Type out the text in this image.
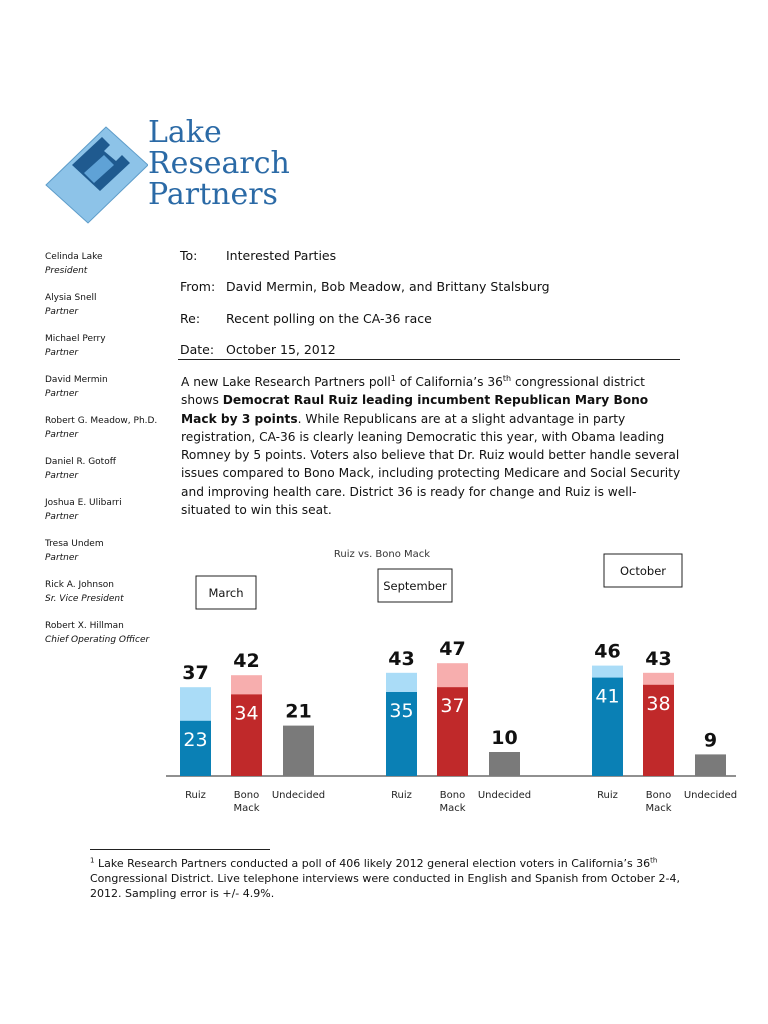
Lake
Research
Partners
Celinda Lake
President
Alysia Snell
Partner
Michael Perry
Partner
David Mermin
Partner
Robert G. Meadow, Ph.D.
Partner
Daniel R. Gotoff
Partner
Joshua E. Ulibarri
Partner
Tresa Undem
Partner
Rick A. Johnson
Sr. Vice President
Robert X. Hillman
Chief Operating Officer
To: Interested Parties
From: David Mermin, Bob Meadow, and Brittany Stalsburg
Re: Recent polling on the CA-36 race
Date: October 15, 2012
A new Lake Research Partners poll$^1$ of California’s 36th congressional district shows Democrat Raul Ruiz leading incumbent Republican Mary Bono Mack by 3 points. While Republicans are at a slight advantage in party registration, CA-36 is clearly leaning Democratic this year, with Obama leading Romney by 5 points. Voters also believe that Dr. Ruiz would better handle several issues compared to Bono Mack, including protecting Medicare and Social Security and improving health care. District 36 is ready for change and Ruiz is well-situated to win this seat.
Ruiz vs. Bono Mack
March
23
37
Ruiz
34
42
Bono
Mack
21
Undecided
September
35
43
Ruiz
37
47
Bono
Mack
10
Undecided
October
41
46
Ruiz
38
43
Bono
Mack
9
Undecided
$^1$ Lake Research Partners conducted a poll of 406 likely 2012 general election voters in California’s 36th Congressional District. Live telephone interviews were conducted in English and Spanish from October 2-4, 2012. Sampling error is +/- 4.9%.
